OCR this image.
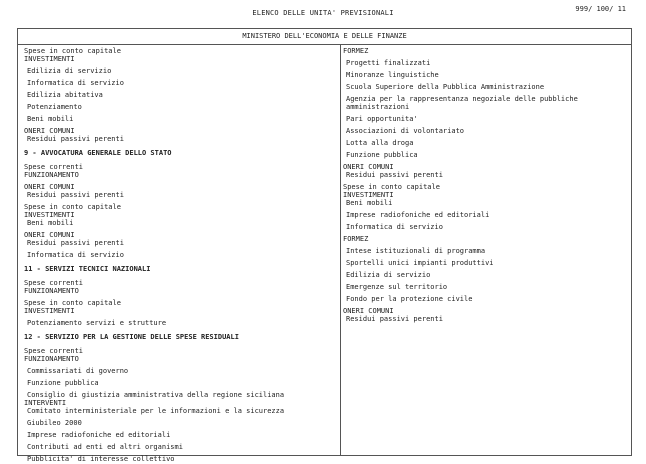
ELENCO DELLE UNITA' PREVISIONALI	999/ 100/ 11
MINISTERO DELL'ECONOMIA E DELLE FINANZE
Spese in conto capitale
INVESTIMENTI
Edilizia di servizio
Informatica di servizio
Edilizia abitativa
Potenziamento
Beni mobili
ONERI COMUNI
Residui passivi perenti
9 - AVVOCATURA GENERALE DELLO STATO
Spese correnti
FUNZIONAMENTO
ONERI COMUNI
Residui passivi perenti
Spese in conto capitale
INVESTIMENTI
Beni mobili
ONERI COMUNI
Residui passivi perenti
Informatica di servizio
11 - SERVIZI TECNICI NAZIONALI
Spese correnti
FUNZIONAMENTO
Spese in conto capitale
INVESTIMENTI
Potenziamento servizi e strutture
12 - SERVIZIO PER LA GESTIONE DELLE SPESE RESIDUALI
Spese correnti
FUNZIONAMENTO
Commissariati di governo
Funzione pubblica
Consiglio di giustizia amministrativa della regione siciliana
INTERVENTI
Comitato interministeriale per le informazioni e la sicurezza
Giubileo 2000
Imprese radiofoniche ed editoriali
Contributi ad enti ed altri organismi
Pubblicita' di interesse collettivo
FORMEZ
Progetti finalizzati
Minoranze linguistiche
Scuola Superiore della Pubblica Amministrazione
Agenzia per la rappresentanza negoziale delle pubbliche amministrazioni
Pari opportunita'
Associazioni di volontariato
Lotta alla droga
Funzione pubblica
ONERI COMUNI
Residui passivi perenti
Spese in conto capitale
INVESTIMENTI
Beni mobili
Imprese radiofoniche ed editoriali
Informatica di servizio
FORMEZ
Intese istituzionali di programma
Sportelli unici impianti produttivi
Edilizia di servizio
Emergenze sul territorio
Fondo per la protezione civile
ONERI COMUNI
Residui passivi perenti
